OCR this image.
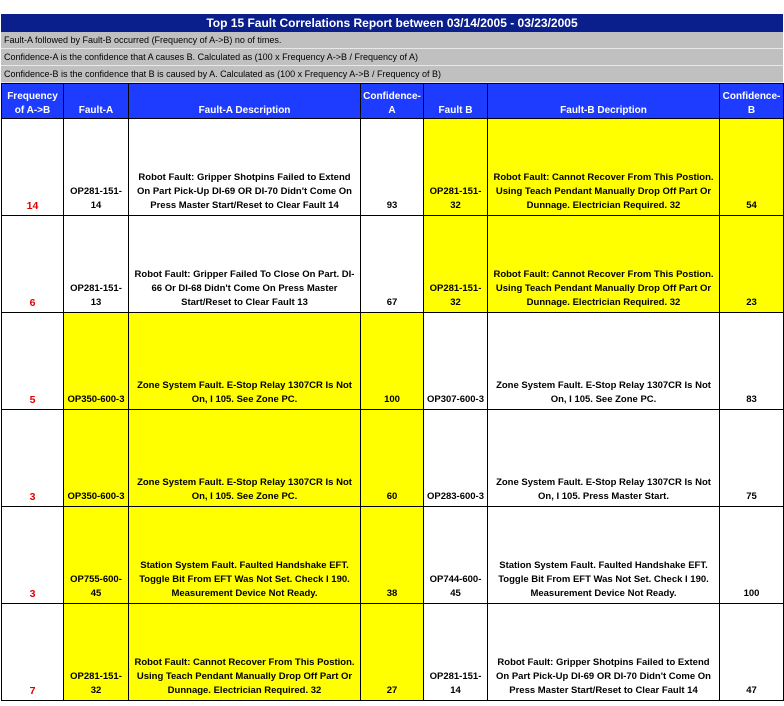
Top 15 Fault Correlations Report between 03/14/2005 - 03/23/2005
Fault-A followed by Fault-B occurred (Frequency of A->B) no of times.
Confidence-A is the confidence that A causes B. Calculated as (100 x Frequency A->B / Frequency of A)
Confidence-B is the confidence that B is caused by A. Calculated as (100 x Frequency A->B / Frequency of B)
Frequency of A->B	Fault-A	Fault-A Description	Confidence-A	Fault B	Fault-B Decription	Confidence-B
14	OP281-151-14	Robot Fault: Gripper Shotpins Failed to Extend On Part Pick-Up DI-69 OR DI-70 Didn't Come On Press Master Start/Reset to Clear Fault 14	93	OP281-151-32	Robot Fault: Cannot Recover From This Postion. Using Teach Pendant Manually Drop Off Part Or Dunnage. Electrician Required. 32	54
6	OP281-151-13	Robot Fault: Gripper Failed To Close On Part. DI-66 Or DI-68 Didn't Come On Press Master Start/Reset to Clear Fault 13	67	OP281-151-32	Robot Fault: Cannot Recover From This Postion. Using Teach Pendant Manually Drop Off Part Or Dunnage. Electrician Required. 32	23
5	OP350-600-3	Zone System Fault. E-Stop Relay 1307CR Is Not On, I 105. See Zone PC.	100	OP307-600-3	Zone System Fault. E-Stop Relay 1307CR Is Not On, I 105. See Zone PC.	83
3	OP350-600-3	Zone System Fault. E-Stop Relay 1307CR Is Not On, I 105. See Zone PC.	60	OP283-600-3	Zone System Fault. E-Stop Relay 1307CR Is Not On, I 105. Press Master Start.	75
3	OP755-600-45	Station System Fault. Faulted Handshake EFT. Toggle Bit From EFT Was Not Set. Check I 190. Measurement Device Not Ready.	38	OP744-600-45	Station System Fault. Faulted Handshake EFT. Toggle Bit From EFT Was Not Set. Check I 190. Measurement Device Not Ready.	100
7	OP281-151-32	Robot Fault: Cannot Recover From This Postion. Using Teach Pendant Manually Drop Off Part Or Dunnage. Electrician Required. 32	27	OP281-151-14	Robot Fault: Gripper Shotpins Failed to Extend On Part Pick-Up DI-69 OR DI-70 Didn't Come On Press Master Start/Reset to Clear Fault 14	47
